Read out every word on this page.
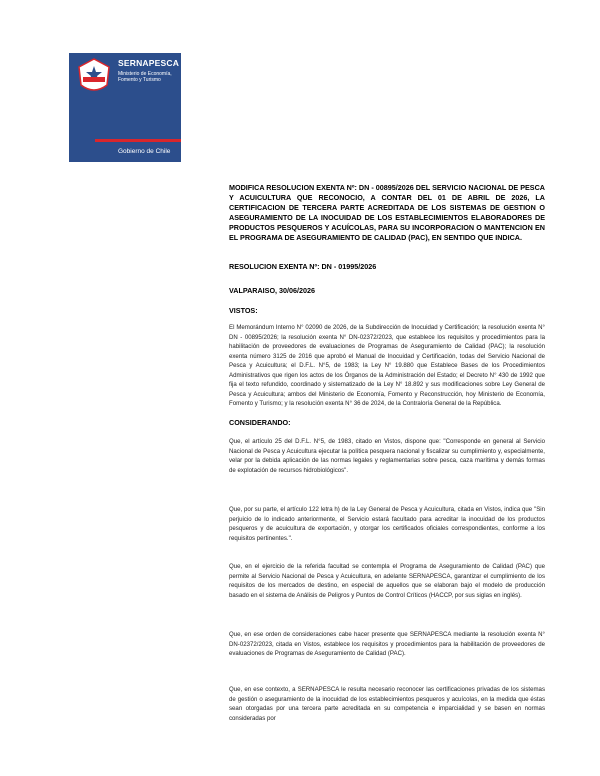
SERNAPESCA
Ministerio de Economía, Fomento y Turismo
Gobierno de Chile
MODIFICA RESOLUCION EXENTA Nº: DN - 00895/2026 DEL SERVICIO NACIONAL DE PESCA Y ACUICULTURA QUE RECONOCIO, A CONTAR DEL 01 DE ABRIL DE 2026, LA CERTIFICACION DE TERCERA PARTE ACREDITADA DE LOS SISTEMAS DE GESTION O ASEGURAMIENTO DE LA INOCUIDAD DE LOS ESTABLECIMIENTOS ELABORADORES DE PRODUCTOS PESQUEROS Y ACUÍCOLAS, PARA SU INCORPORACION O MANTENCION EN EL PROGRAMA DE ASEGURAMIENTO DE CALIDAD (PAC), EN SENTIDO QUE INDICA.
RESOLUCION EXENTA Nº: DN - 01995/2026
VALPARAISO, 30/06/2026
VISTOS:
El Memorándum Interno N° 02090 de 2026, de la Subdirección de Inocuidad y Certificación; la resolución exenta N° DN - 00895/2026; la resolución exenta N° DN-02372/2023, que establece los requisitos y procedimientos para la habilitación de proveedores de evaluaciones de Programas de Aseguramiento de Calidad (PAC); la resolución exenta número 3125 de 2016 que aprobó el Manual de Inocuidad y Certificación, todas del Servicio Nacional de Pesca y Acuicultura; el D.F.L. N°5, de 1983; la Ley N° 19.880 que Establece Bases de los Procedimientos Administrativos que rigen los actos de los Órganos de la Administración del Estado; el Decreto N° 430 de 1992 que fija el texto refundido, coordinado y sistematizado de la Ley N° 18.892 y sus modificaciones sobre Ley General de Pesca y Acuicultura; ambos del Ministerio de Economía, Fomento y Reconstrucción, hoy Ministerio de Economía, Fomento y Turismo; y la resolución exenta N° 36 de 2024, de la Contraloría General de la República.
CONSIDERANDO:
Que, el artículo 25 del D.F.L. N°5, de 1983, citado en Vistos, dispone que: "Corresponde en general al Servicio Nacional de Pesca y Acuicultura ejecutar la política pesquera nacional y fiscalizar su cumplimiento y, especialmente, velar por la debida aplicación de las normas legales y reglamentarias sobre pesca, caza marítima y demás formas de explotación de recursos hidrobiológicos".
Que, por su parte, el artículo 122 letra h) de la Ley General de Pesca y Acuicultura, citada en Vistos, indica que "Sin perjuicio de lo indicado anteriormente, el Servicio estará facultado para acreditar la inocuidad de los productos pesqueros y de acuicultura de exportación, y otorgar los certificados oficiales correspondientes, conforme a los requisitos pertinentes.".
Que, en el ejercicio de la referida facultad se contempla el Programa de Aseguramiento de Calidad (PAC) que permite al Servicio Nacional de Pesca y Acuicultura, en adelante SERNAPESCA, garantizar el cumplimiento de los requisitos de los mercados de destino, en especial de aquellos que se elaboran bajo el modelo de producción basado en el sistema de Análisis de Peligros y Puntos de Control Críticos (HACCP, por sus siglas en inglés).
Que, en ese orden de consideraciones cabe hacer presente que SERNAPESCA mediante la resolución exenta N° DN-02372/2023, citada en Vistos, establece los requisitos y procedimientos para la habilitación de proveedores de evaluaciones de Programas de Aseguramiento de Calidad (PAC).
Que, en ese contexto, a SERNAPESCA le resulta necesario reconocer las certificaciones privadas de los sistemas de gestión o aseguramiento de la inocuidad de los establecimientos pesqueros y acuícolas, en la medida que éstas sean otorgadas por una tercera parte acreditada en su competencia e imparcialidad y se basen en normas consideradas por
